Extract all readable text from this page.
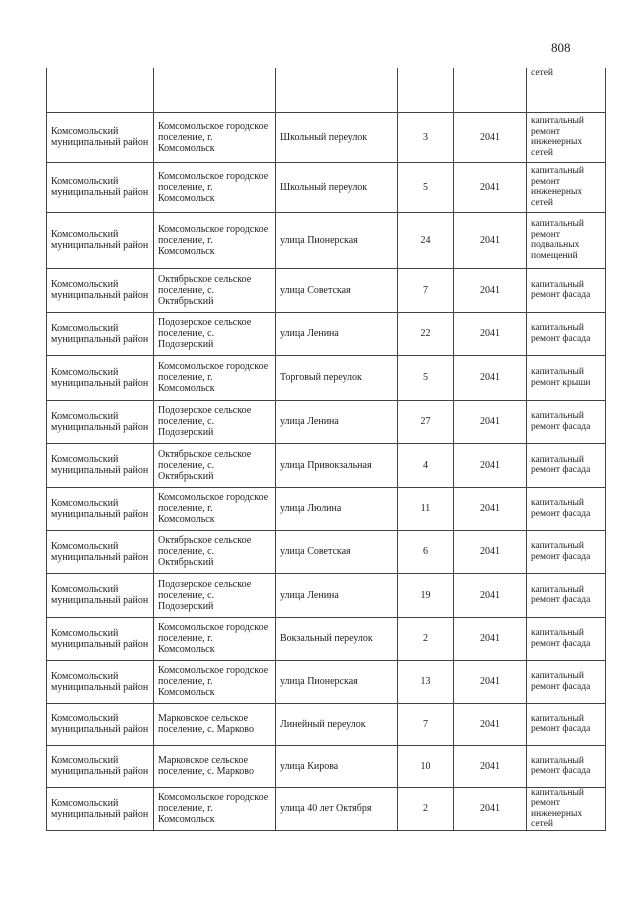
808
					сетей
Комсомольский муниципальный район	Комсомольское городское поселение, г. Комсомольск	Школьный переулок	3	2041	капитальный ремонт инженерных сетей
Комсомольский муниципальный район	Комсомольское городское поселение, г. Комсомольск	Школьный переулок	5	2041	капитальный ремонт инженерных сетей
Комсомольский муниципальный район	Комсомольское городское поселение, г. Комсомольск	улица Пионерская	24	2041	капитальный ремонт подвальных помещений
Комсомольский муниципальный район	Октябрьское сельское поселение, с. Октябрьский	улица Советская	7	2041	капитальный ремонт фасада
Комсомольский муниципальный район	Подозерское сельское поселение, с. Подозерский	улица Ленина	22	2041	капитальный ремонт фасада
Комсомольский муниципальный район	Комсомольское городское поселение, г. Комсомольск	Торговый переулок	5	2041	капитальный ремонт крыши
Комсомольский муниципальный район	Подозерское сельское поселение, с. Подозерский	улица Ленина	27	2041	капитальный ремонт фасада
Комсомольский муниципальный район	Октябрьское сельское поселение, с. Октябрьский	улица Привокзальная	4	2041	капитальный ремонт фасада
Комсомольский муниципальный район	Комсомольское городское поселение, г. Комсомольск	улица Люлина	11	2041	капитальный ремонт фасада
Комсомольский муниципальный район	Октябрьское сельское поселение, с. Октябрьский	улица Советская	6	2041	капитальный ремонт фасада
Комсомольский муниципальный район	Подозерское сельское поселение, с. Подозерский	улица Ленина	19	2041	капитальный ремонт фасада
Комсомольский муниципальный район	Комсомольское городское поселение, г. Комсомольск	Вокзальный переулок	2	2041	капитальный ремонт фасада
Комсомольский муниципальный район	Комсомольское городское поселение, г. Комсомольск	улица Пионерская	13	2041	капитальный ремонт фасада
Комсомольский муниципальный район	Марковское сельское поселение, с. Марково	Линейный переулок	7	2041	капитальный ремонт фасада
Комсомольский муниципальный район	Марковское сельское поселение, с. Марково	улица Кирова	10	2041	капитальный ремонт фасада
Комсомольский муниципальный район	Комсомольское городское поселение, г. Комсомольск	улица 40 лет Октября	2	2041	капитальный ремонт инженерных сетей
